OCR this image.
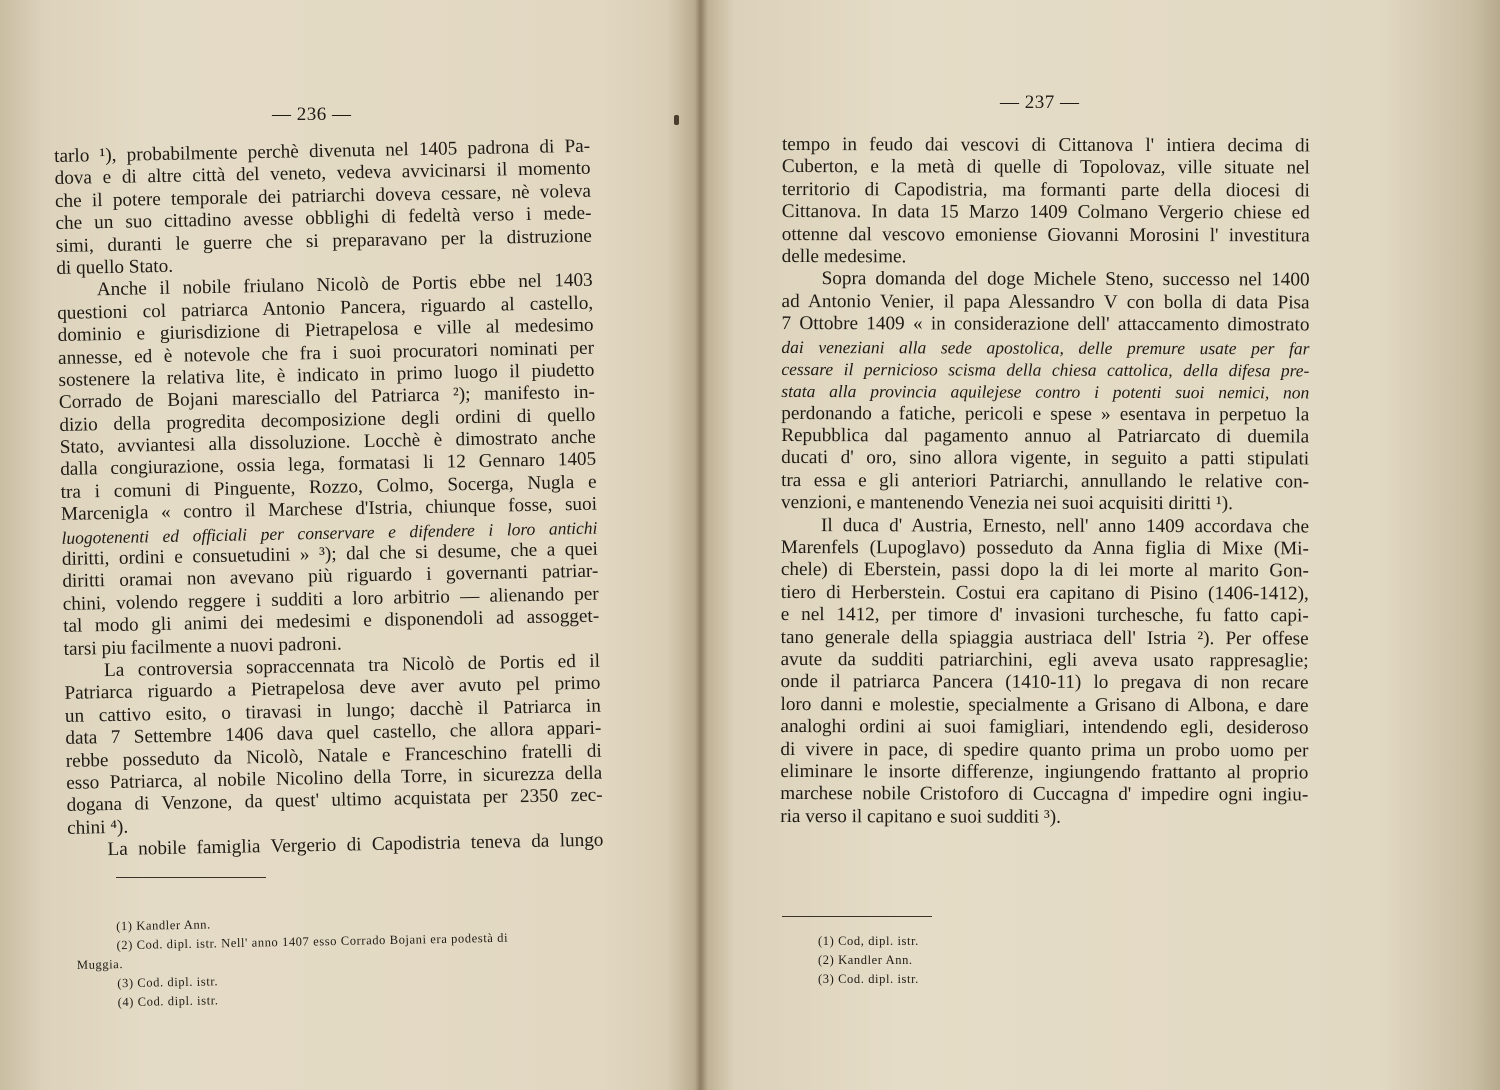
— 236 —
tarlo ¹), probabilmente perchè divenuta nel 1405 padrona di Pa-
dova e di altre città del veneto, vedeva avvicinarsi il momento
che il potere temporale dei patriarchi doveva cessare, nè voleva
che un suo cittadino avesse obblighi di fedeltà verso i mede-
simi, duranti le guerre che si preparavano per la distruzione
di quello Stato.
Anche il nobile friulano Nicolò de Portis ebbe nel 1403
questioni col patriarca Antonio Pancera, riguardo al castello,
dominio e giurisdizione di Pietrapelosa e ville al medesimo
annesse, ed è notevole che fra i suoi procuratori nominati per
sostenere la relativa lite, è indicato in primo luogo il piudetto
Corrado de Bojani maresciallo del Patriarca ²); manifesto in-
dizio della progredita decomposizione degli ordini di quello
Stato, avviantesi alla dissoluzione. Locchè è dimostrato anche
dalla congiurazione, ossia lega, formatasi li 12 Gennaro 1405
tra i comuni di Pinguente, Rozzo, Colmo, Socerga, Nugla e
Marcenigla « contro il Marchese d'Istria, chiunque fosse, suoi
luogotenenti ed officiali per conservare e difendere i loro antichi
diritti, ordini e consuetudini » ³); dal che si desume, che a quei
diritti oramai non avevano più riguardo i governanti patriar-
chini, volendo reggere i sudditi a loro arbitrio — alienando per
tal modo gli animi dei medesimi e disponendoli ad assogget-
tarsi piu facilmente a nuovi padroni.
La controversia sopraccennata tra Nicolò de Portis ed il
Patriarca riguardo a Pietrapelosa deve aver avuto pel primo
un cattivo esito, o tiravasi in lungo; dacchè il Patriarca in
data 7 Settembre 1406 dava quel castello, che allora appari-
rebbe posseduto da Nicolò, Natale e Franceschino fratelli di
esso Patriarca, al nobile Nicolino della Torre, in sicurezza della
dogana di Venzone, da quest' ultimo acquistata per 2350 zec-
chini ⁴).
La nobile famiglia Vergerio di Capodistria teneva da lungo
(1) Kandler Ann.
(2) Cod. dipl. istr. Nell' anno 1407 esso Corrado Bojani era podestà di
Muggia.
(3) Cod. dipl. istr.
(4) Cod. dipl. istr.
— 237 —
tempo in feudo dai vescovi di Cittanova l' intiera decima di
Cuberton, e la metà di quelle di Topolovaz, ville situate nel
territorio di Capodistria, ma formanti parte della diocesi di
Cittanova. In data 15 Marzo 1409 Colmano Vergerio chiese ed
ottenne dal vescovo emoniense Giovanni Morosini l' investitura
delle medesime.
Sopra domanda del doge Michele Steno, successo nel 1400
ad Antonio Venier, il papa Alessandro V con bolla di data Pisa
7 Ottobre 1409 « in considerazione dell' attaccamento dimostrato
dai veneziani alla sede apostolica, delle premure usate per far
cessare il pernicioso scisma della chiesa cattolica, della difesa pre-
stata alla provincia aquilejese contro i potenti suoi nemici, non
perdonando a fatiche, pericoli e spese » esentava in perpetuo la
Repubblica dal pagamento annuo al Patriarcato di duemila
ducati d' oro, sino allora vigente, in seguito a patti stipulati
tra essa e gli anteriori Patriarchi, annullando le relative con-
venzioni, e mantenendo Venezia nei suoi acquisiti diritti ¹).
Il duca d' Austria, Ernesto, nell' anno 1409 accordava che
Marenfels (Lupoglavo) posseduto da Anna figlia di Mixe (Mi-
chele) di Eberstein, passi dopo la di lei morte al marito Gon-
tiero di Herberstein. Costui era capitano di Pisino (1406-1412),
e nel 1412, per timore d' invasioni turchesche, fu fatto capi-
tano generale della spiaggia austriaca dell' Istria ²). Per offese
avute da sudditi patriarchini, egli aveva usato rappresaglie;
onde il patriarca Pancera (1410-11) lo pregava di non recare
loro danni e molestie, specialmente a Grisano di Albona, e dare
analoghi ordini ai suoi famigliari, intendendo egli, desideroso
di vivere in pace, di spedire quanto prima un probo uomo per
eliminare le insorte differenze, ingiungendo frattanto al proprio
marchese nobile Cristoforo di Cuccagna d' impedire ogni ingiu-
ria verso il capitano e suoi sudditi ³).
(1) Cod, dipl. istr.
(2) Kandler Ann.
(3) Cod. dipl. istr.
